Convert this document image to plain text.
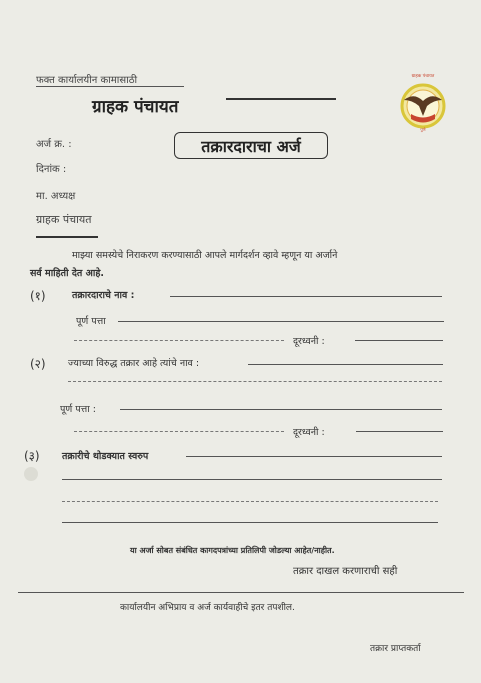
फक्त कार्यालयीन कामासाठी
ग्राहक पंचायत
ग्राहक पंचायत
पुणे
अर्ज क्र. :
दिनांक :
मा. अध्यक्ष
ग्राहक पंचायत
तक्रारदाराचा अर्ज
माझ्या समस्येचे निराकरण करण्यासाठी आपले मार्गदर्शन व्हावे म्हणून या अर्जाने
सर्व माहिती देत आहे.
(१)	तक्रारदाराचे नाव :
पूर्ण पत्ता
दूरध्वनी :
(२) ज्याच्या विरुद्ध तक्रार आहे त्यांचे नाव :
पूर्ण पत्ता :
दूरध्वनी :
(३) तक्रारीचे थोडक्यात स्वरुप
या अर्जा सोबत संबंधित कागदपत्रांच्या प्रतिलिपी जोडल्या आहेत/नाहीत.
तक्रार दाखल करणाराची सही
कार्यालयीन अभिप्राय व अर्ज कार्यवाहीचे इतर तपशील.
तक्रार प्राप्तकर्ता
